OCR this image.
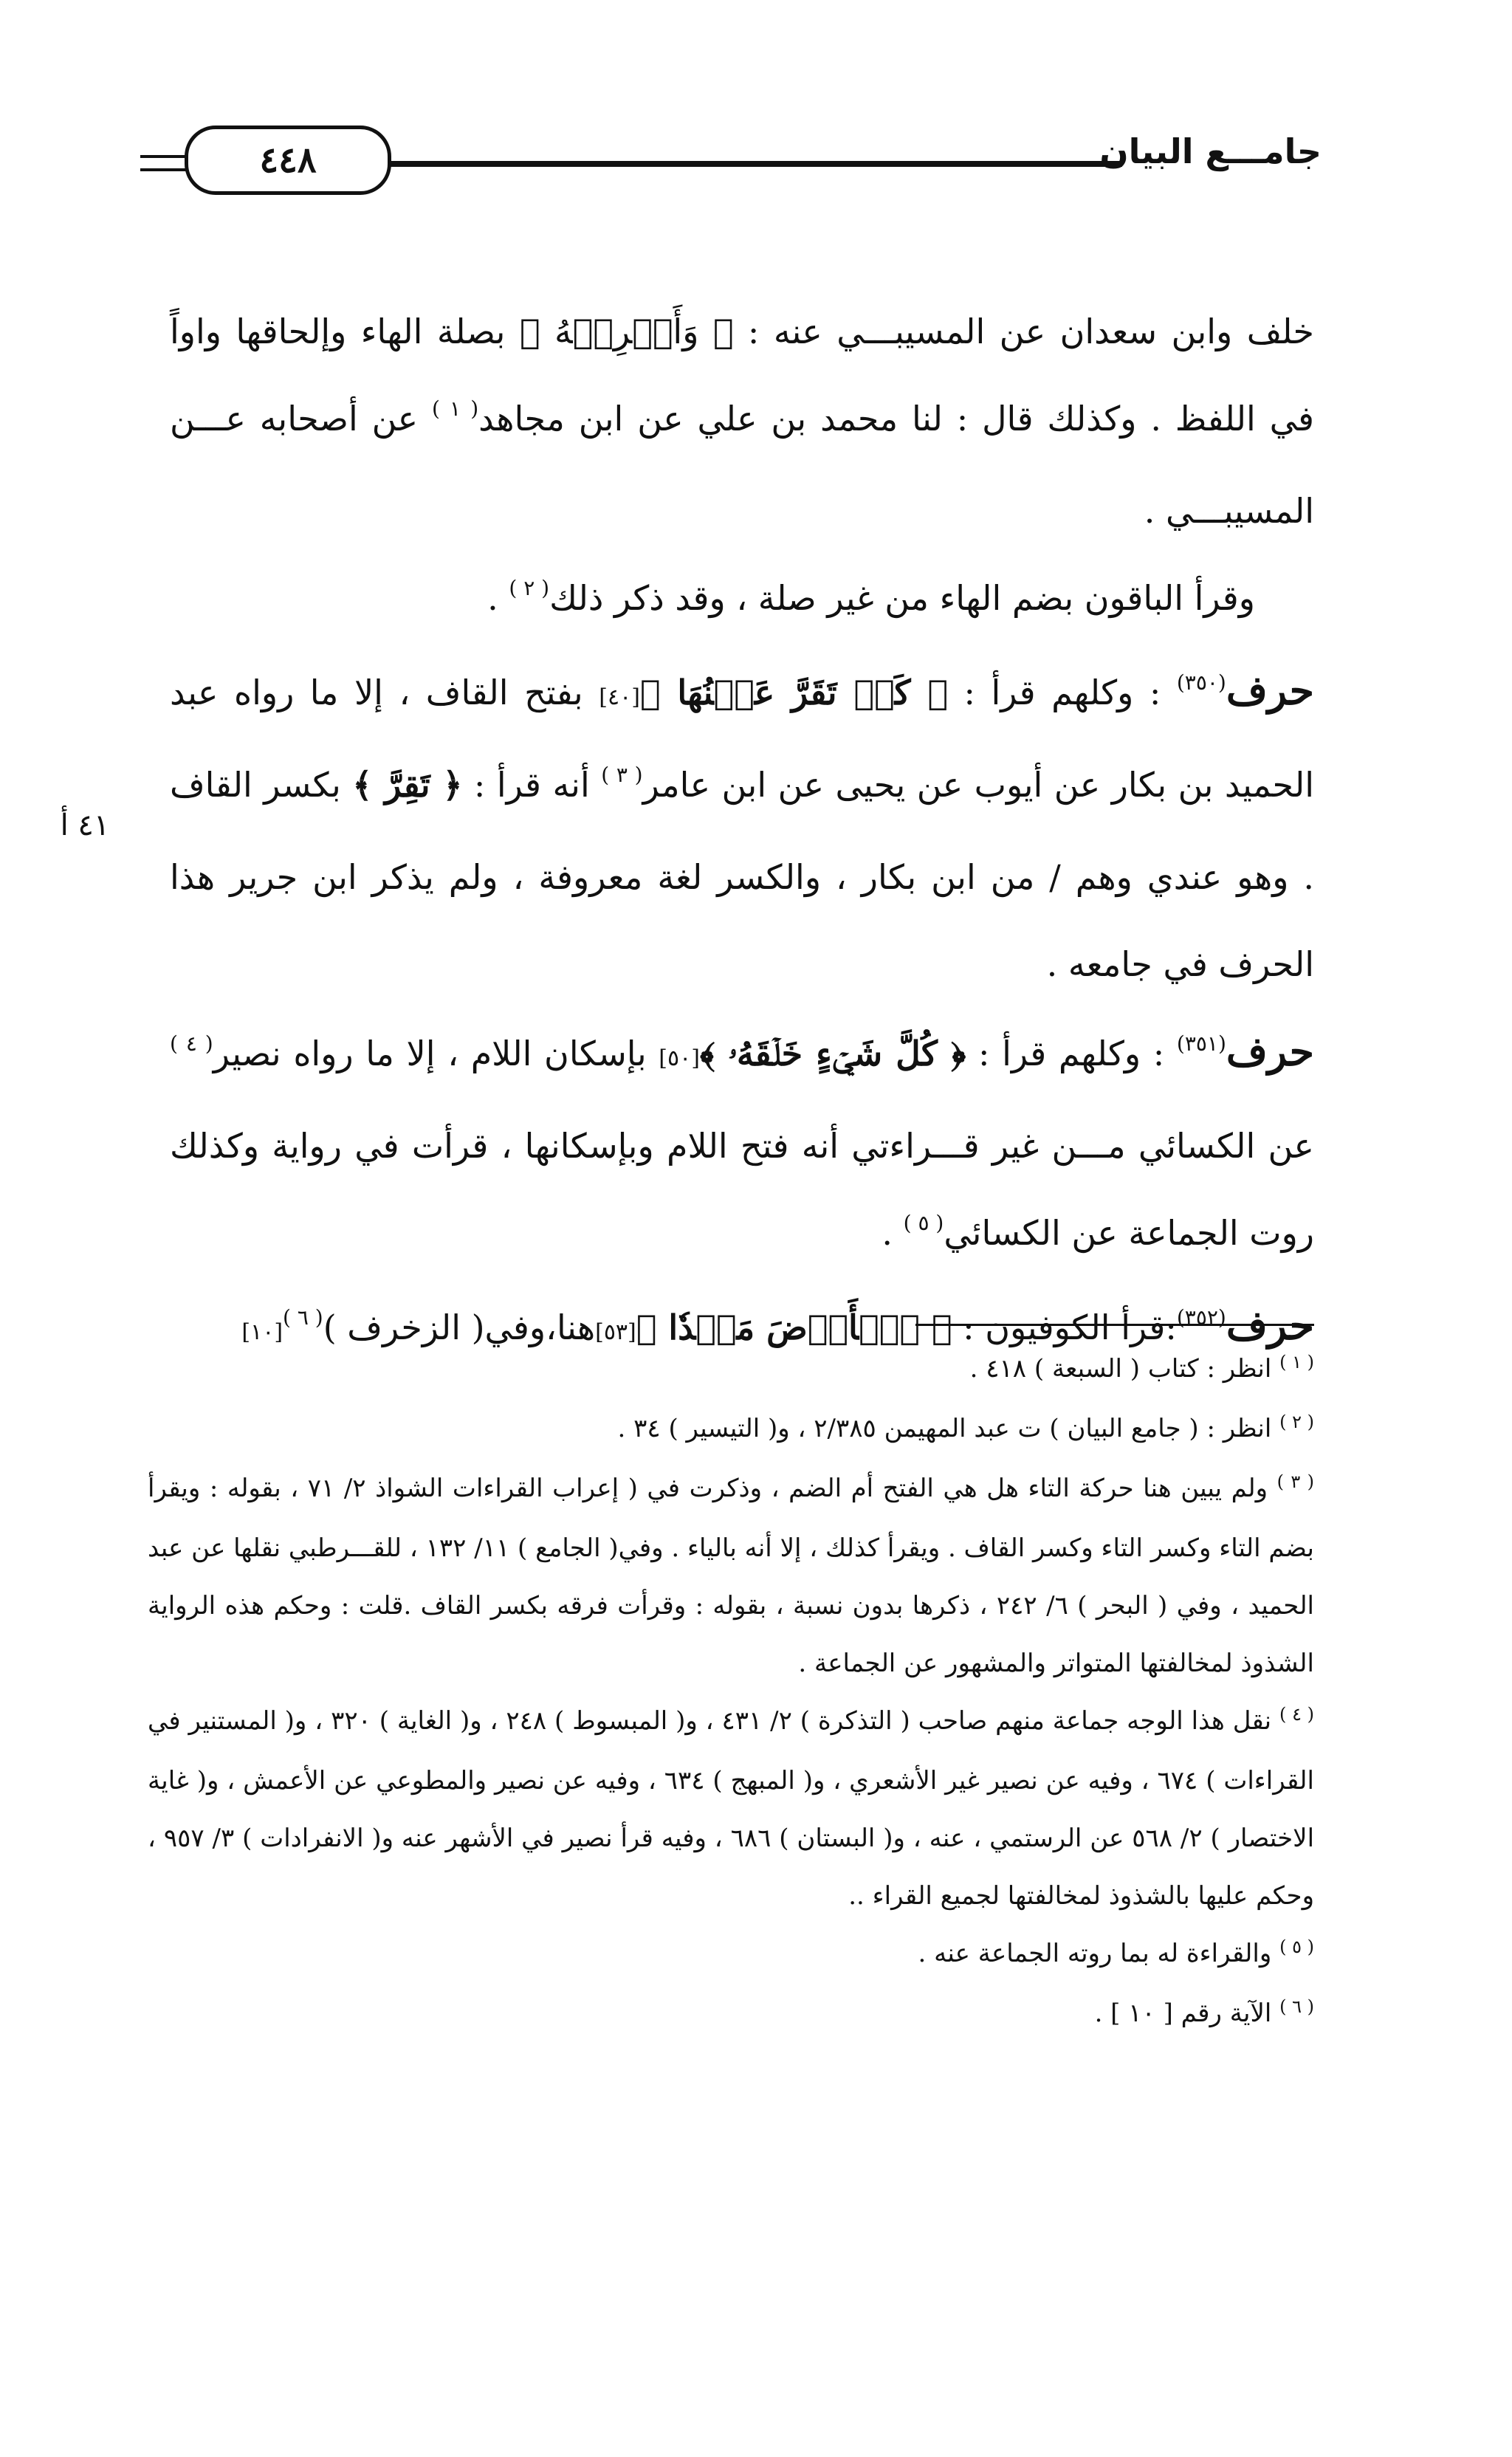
٤٤٨	جامـــع البيان

خلف وابن سعدان عن المسيبـــي عنه : ﴿ وَأَشۡرِكۡهُ ﴾ بصلة الهاء وإلحاقها واواً في اللفظ . وكذلك قال : لنا محمد بن علي عن ابن مجاهد$^{( ١ )}$ عن أصحابه عـــن المسيبـــي .

وقرأ الباقون بضم الهاء من غير صلة ، وقد ذكر ذلك$^{( ٢ )}$ .

حرف$^{(٣٥٠)}$ : وكلهم قرأ : ﴿ كَيۡ تَقَرَّ عَيۡنُهَا ﴾[٤٠] بفتح القاف ، إلا ما رواه عبد الحميد بن بكار عن أيوب عن يحيى عن ابن عامر$^{( ٣ )}$ أنه قرأ : ﴿ تَقِرَّ ﴾ بكسر القاف . وهو عندي وهم / من ابن بكار ، والكسر لغة معروفة ، ولم يذكر ابن جرير هذا الحرف في جامعه .

حرف$^{(٣٥١)}$ : وكلهم قرأ : ﴿ كُلَّ شَيۡءٍ خَلۡقَهُۥ ﴾[٥٠] بإسكان اللام ، إلا ما رواه نصير$^{( ٤ )}$ عن الكسائي مـــن غير قـــراءتي أنه فتح اللام وبإسكانها ، قرأت في رواية وكذلك روت الجماعة عن الكسائي$^{( ٥ )}$ .

حرف$^{(٣٥٢)}$:قرأ الكوفيون : ﴿ ٱلۡأَرۡضَ مَهۡدٗا ﴾[٥٣]هنا،وفي( الزخرف )$^{( ٦ )}$[١٠]

٤١ أ

$^{( ١ )}$ انظر : كتاب ( السبعة ) ٤١٨ .

$^{( ٢ )}$ انظر : ( جامع البيان ) ت عبد المهيمن ٢/٣٨٥ ، و( التيسير ) ٣٤ .

$^{( ٣ )}$ ولم يبين هنا حركة التاء هل هي الفتح أم الضم ، وذكرت في ( إعراب القراءات الشواذ ٢/ ٧١ ، بقوله : ويقرأ بضم التاء وكسر التاء وكسر القاف . ويقرأ كذلك ، إلا أنه بالياء . وفي( الجامع ) ١١/ ١٣٢ ، للقـــرطبي نقلها عن عبد الحميد ، وفي ( البحر ) ٦/ ٢٤٢ ، ذكرها بدون نسبة ، بقوله : وقرأت فرقه بكسر القاف .قلت : وحكم هذه الرواية الشذوذ لمخالفتها المتواتر والمشهور عن الجماعة .

$^{( ٤ )}$ نقل هذا الوجه جماعة منهم صاحب ( التذكرة ) ٢/ ٤٣١ ، و( المبسوط ) ٢٤٨ ، و( الغاية ) ٣٢٠ ، و( المستنير في القراءات ) ٦٧٤ ، وفيه عن نصير غير الأشعري ، و( المبهج ) ٦٣٤ ، وفيه عن نصير والمطوعي عن الأعمش ، و( غاية الاختصار ) ٢/ ٥٦٨ عن الرستمي ، عنه ، و( البستان ) ٦٨٦ ، وفيه قرأ نصير في الأشهر عنه و( الانفرادات ) ٣/ ٩٥٧ ، وحكم عليها بالشذوذ لمخالفتها لجميع القراء ..

$^{( ٥ )}$ والقراءة له بما روته الجماعة عنه .

$^{( ٦ )}$ الآية رقم [ ١٠ ] .
